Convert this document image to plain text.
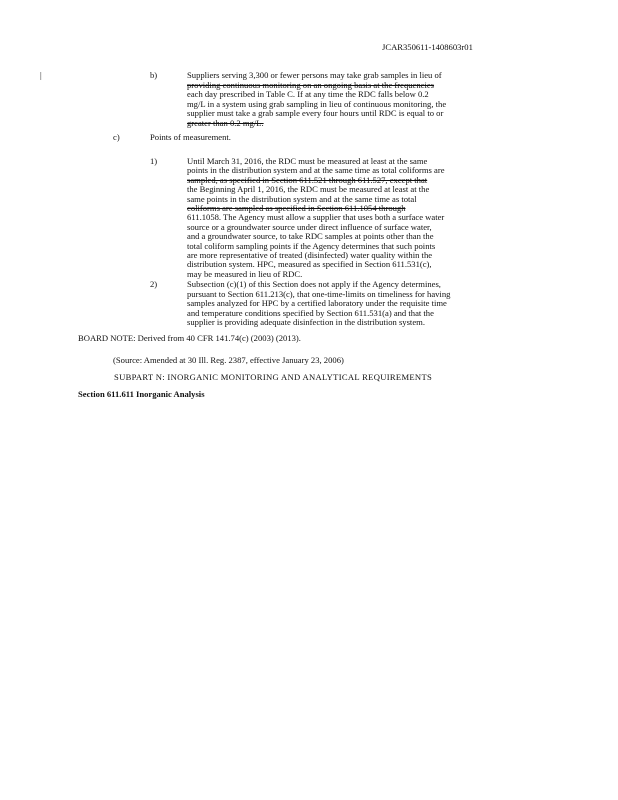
JCAR350611-1408603r01
|	b)	Suppliers serving 3,300 or fewer persons may take grab samples in lieu of
providing continuous monitoring on an ongoing basis at the frequencies
each day prescribed in Table C. If at any time the RDC falls below 0.2
mg/L in a system using grab sampling in lieu of continuous monitoring, the
supplier must take a grab sample every four hours until RDC is equal to or
greater than 0.2 mg/L.
c)	Points of measurement.
1)	Until March 31, 2016, the RDC must be measured at least at the same
points in the distribution system and at the same time as total coliforms are
sampled, as specified in Section 611.521 through 611.527, except that
the Beginning April 1, 2016, the RDC must be measured at least at the
same points in the distribution system and at the same time as total
coliforms are sampled as specified in Section 611.1054 through
611.1058. The Agency must allow a supplier that uses both a surface water
source or a groundwater source under direct influence of surface water,
and a groundwater source, to take RDC samples at points other than the
total coliform sampling points if the Agency determines that such points
are more representative of treated (disinfected) water quality within the
distribution system. HPC, measured as specified in Section 611.531(c),
may be measured in lieu of RDC.
2)	Subsection (c)(1) of this Section does not apply if the Agency determines,
pursuant to Section 611.213(c), that one-time-limits on timeliness for having
samples analyzed for HPC by a certified laboratory under the requisite time
and temperature conditions specified by Section 611.531(a) and that the
supplier is providing adequate disinfection in the distribution system.
BOARD NOTE: Derived from 40 CFR 141.74(c) (2003) (2013).
(Source: Amended at 30 Ill. Reg. 2387, effective January 23, 2006)
SUBPART N: INORGANIC MONITORING AND ANALYTICAL REQUIREMENTS
Section 611.611 Inorganic Analysis
